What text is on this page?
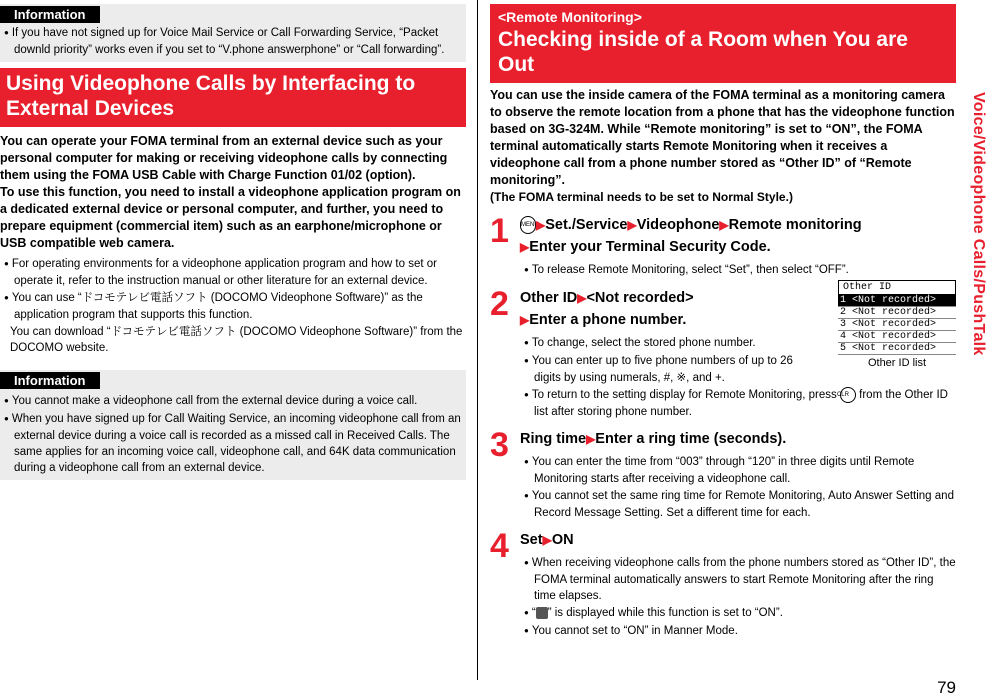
Information

● If you have not signed up for Voice Mail Service or Call Forwarding Service, “Packet downld priority” works even if you set to “V.phone answerphone” or “Call forwarding”.

Using Videophone Calls by Interfacing to External Devices

You can operate your FOMA terminal from an external device such as your personal computer for making or receiving videophone calls by connecting them using the FOMA USB Cable with Charge Function 01/02 (option).

To use this function, you need to install a videophone application program on a dedicated external device or personal computer, and further, you need to prepare equipment (commercial item) such as an earphone/microphone or USB compatible web camera.

● For operating environments for a videophone application program and how to set or operate it, refer to the instruction manual or other literature for an external device.

● You can use “ドコモテレビ電話ソフト (DOCOMO Videophone Software)” as the application program that supports this function.

You can download “ドコモテレビ電話ソフト (DOCOMO Videophone Software)” from the DOCOMO website.

Information

● You cannot make a videophone call from the external device during a voice call.

● When you have signed up for Call Waiting Service, an incoming videophone call from an external device during a voice call is recorded as a missed call in Received Calls. The same applies for an incoming voice call, videophone call, and 64K data communication during a videophone call from an external device.

<Remote Monitoring>
Checking inside of a Room when You are Out

You can use the inside camera of the FOMA terminal as a monitoring camera to observe the remote location from a phone that has the videophone function based on 3G-324M. While “Remote monitoring” is set to “ON”, the FOMA terminal automatically starts Remote Monitoring when it receives a videophone call from a phone number stored as “Other ID” of “Remote monitoring”.

(The FOMA terminal needs to be set to Normal Style.)

1 MENU▶Set./Service▶Videophone▶Remote monitoring
▶Enter your Terminal Security Code.

● To release Remote Monitoring, select “Set”, then select “OFF”.

2 Other ID▶<Not recorded>
▶Enter a phone number.

● To change, select the stored phone number.

● You can enter up to five phone numbers of up to 26 digits by using numerals, #, ※, and +.

● To return to the setting display for Remote Monitoring, press CLR from the Other ID list after storing phone number.

3 Ring time▶Enter a ring time (seconds).

● You can enter the time from “003” through “120” in three digits until Remote Monitoring starts after receiving a videophone call.

● You cannot set the same ring time for Remote Monitoring, Auto Answer Setting and Record Message Setting. Set a different time for each.

4 Set▶ON

● When receiving videophone calls from the phone numbers stored as “Other ID”, the FOMA terminal automatically answers to start Remote Monitoring after the ring time elapses.

● “ ” is displayed while this function is set to “ON”.

● You cannot set to “ON” in Manner Mode.

Other ID
1 <Not recorded>
2 <Not recorded>
3 <Not recorded>
4 <Not recorded>
5 <Not recorded>
Other ID list
Voice/Videophone Calls/PushTalk
79
